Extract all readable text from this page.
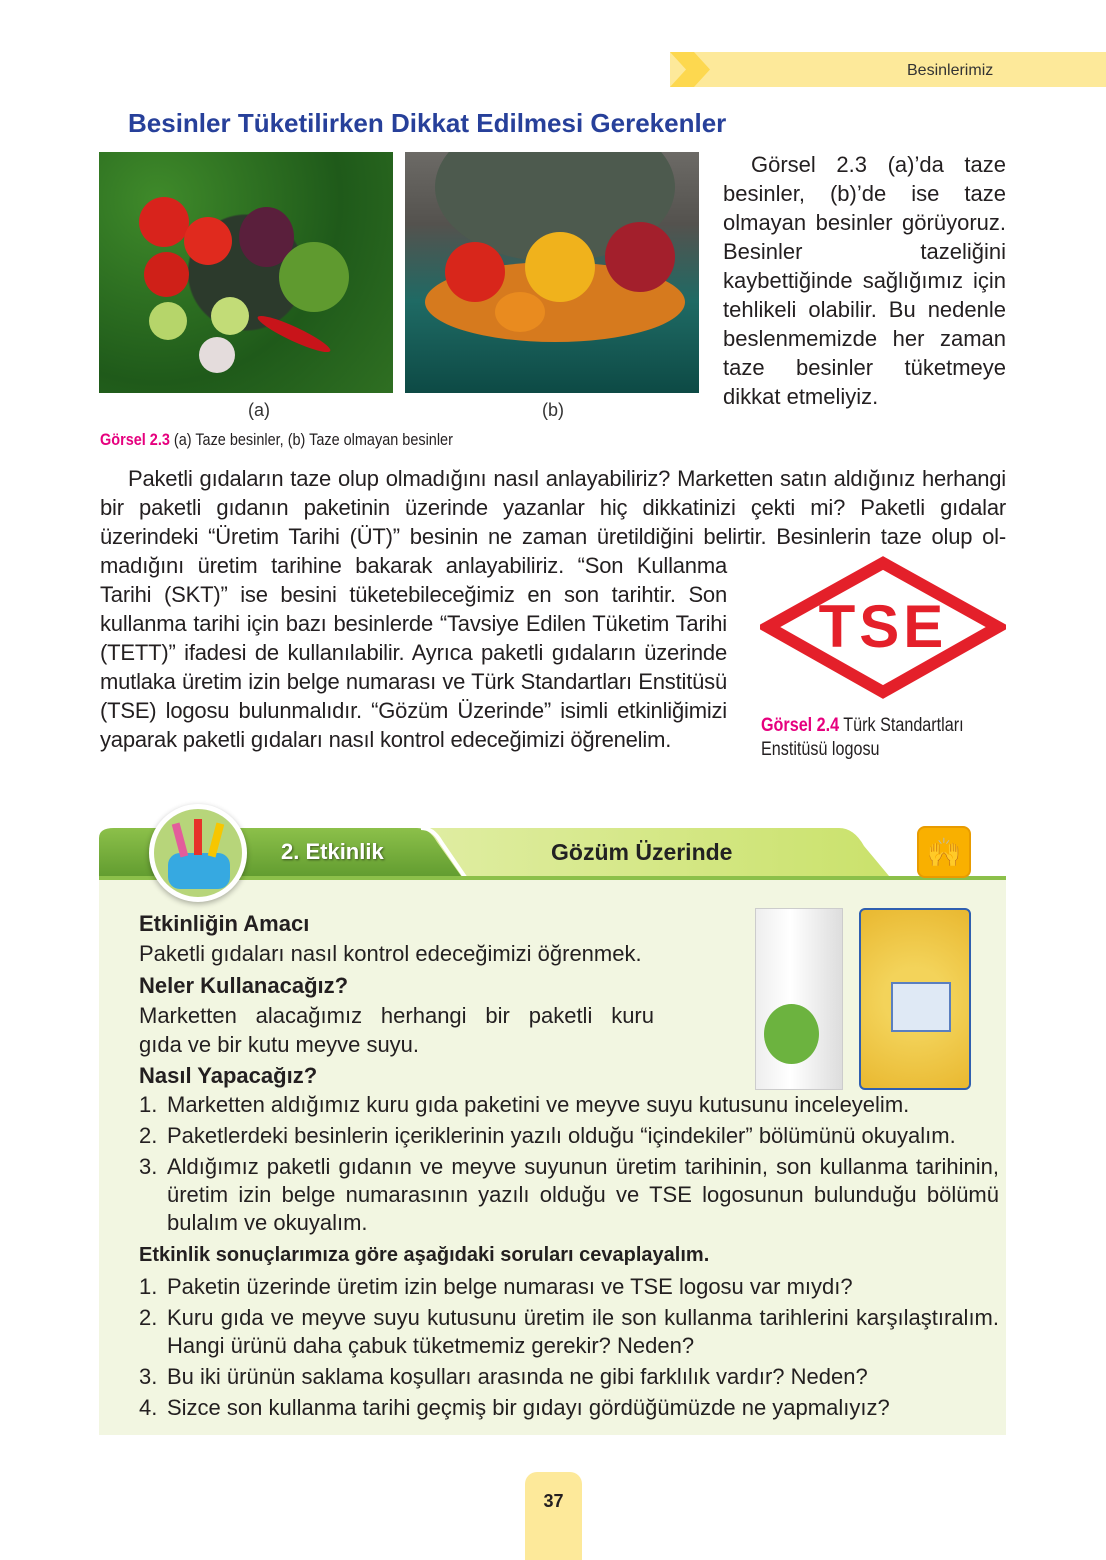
Besinlerimiz
Besinler Tüketilirken Dikkat Edilmesi Gerekenler
(a)	(b)
Görsel 2.3 (a) Taze besinler, (b) Taze olmayan besinler

Görsel 2.3 (a)’da taze besinler, (b)’de ise taze olmayan besinler görüyoruz. Besinler tazeliğini kaybettiğinde sağlığımız için tehlikeli olabilir. Bu nedenle beslenmemizde her zaman taze besinler tüketmeye dikkat etmeliyiz.

TSE
Görsel 2.4 Türk Standartları
Enstitüsü logosu

Paketli gıdaların taze olup olmadığını nasıl anlayabiliriz? Marketten satın aldığınız herhangi bir paketli gıdanın paketinin üzerinde yazanlar hiç dikkatinizi çekti mi? Paketli gıdalar üzerindeki “Üretim Tarihi (ÜT)” besinin ne zaman üretildiğini belirtir. Besinlerin taze olup ol-

madığını üretim tarihine bakarak anlayabiliriz. “Son Kullanma Tarihi (SKT)” ise besini tüketebileceğimiz en son tarihtir. Son kullanma tarihi için bazı besinlerde “Tavsiye Edilen Tüketim Tarihi (TETT)” ifadesi de kullanılabilir. Ayrıca paketli gıdaların üzerinde mutlaka üretim izin belge numarası ve Türk Standartları Enstitüsü (TSE) logosu bulunmalıdır. “Gözüm Üzerinde” isimli etkinliğimizi yaparak paketli gıdaları nasıl kontrol edeceğimizi öğrenelim.

2. Etkinlik	Gözüm Üzerinde	🙌
Etkinliğin Amacı
Paketli gıdaları nasıl kontrol edeceğimizi öğrenmek.
Neler Kullanacağız?
Marketten alacağımız herhangi bir paketli kuru
gıda ve bir kutu meyve suyu.
Nasıl Yapacağız?
1. Marketten aldığımız kuru gıda paketini ve meyve suyu kutusunu inceleyelim.
2. Paketlerdeki besinlerin içeriklerinin yazılı olduğu “içindekiler” bölümünü okuyalım.
3. Aldığımız paketli gıdanın ve meyve suyunun üretim tarihinin, son kullanma tarihinin, üretim izin belge numarasının yazılı olduğu ve TSE logosunun bulunduğu bölümü bulalım ve okuyalım.
Etkinlik sonuçlarımıza göre aşağıdaki soruları cevaplayalım.
1. Paketin üzerinde üretim izin belge numarası ve TSE logosu var mıydı?
2. Kuru gıda ve meyve suyu kutusunu üretim ile son kullanma tarihlerini karşılaştıralım. Hangi ürünü daha çabuk tüketmemiz gerekir? Neden?
3. Bu iki ürünün saklama koşulları arasında ne gibi farklılık vardır? Neden?
4. Sizce son kullanma tarihi geçmiş bir gıdayı gördüğümüzde ne yapmalıyız?
37
